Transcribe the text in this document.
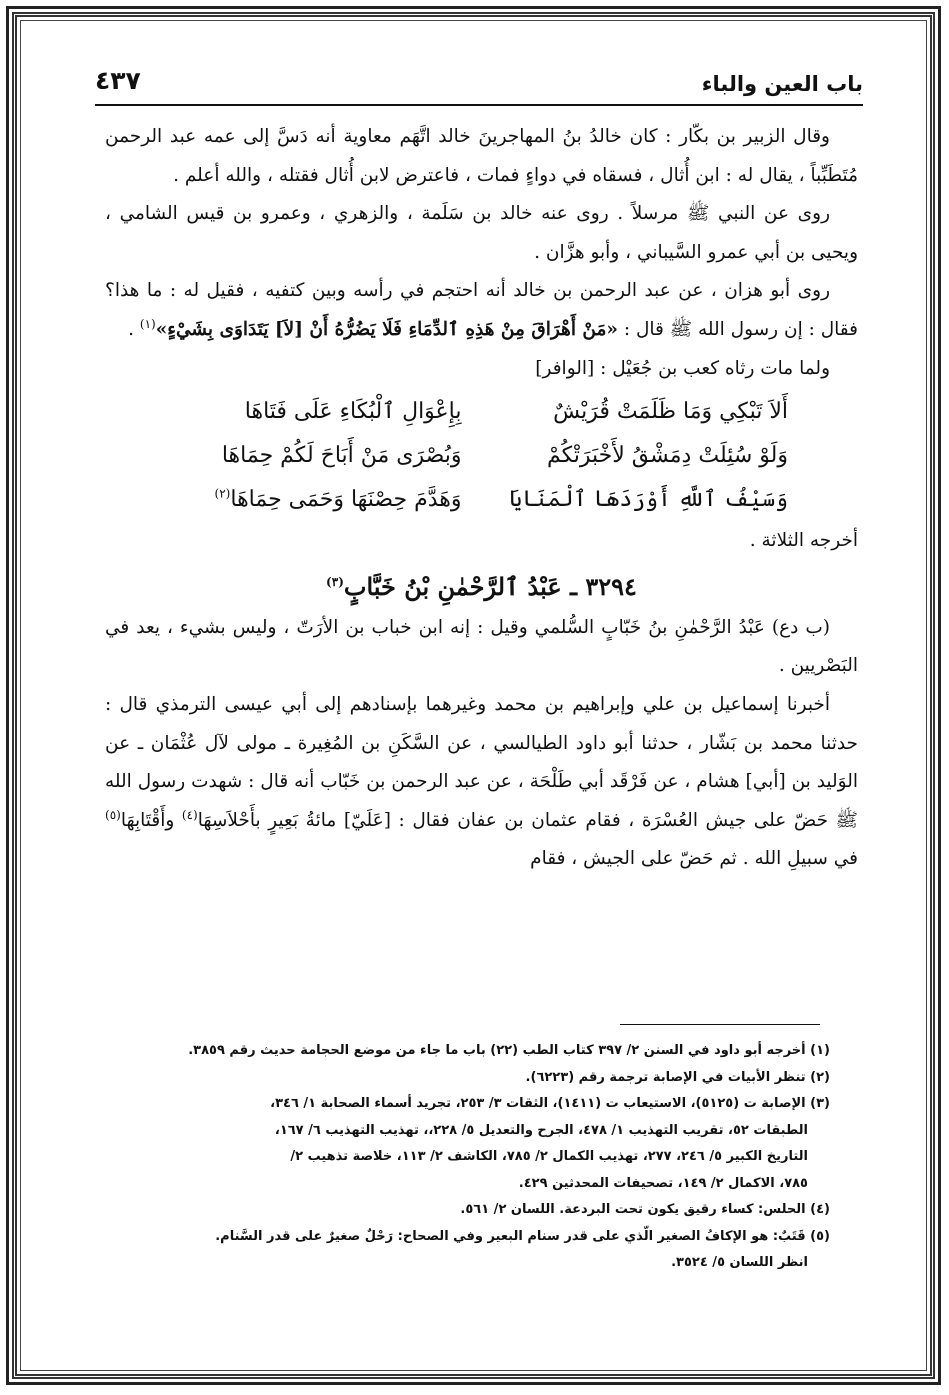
باب العين والباء
٤٣٧

وقال الزبير بن بكّار : كان خالدُ بنُ المهاجرينَ خالد اتَّهَم معاوية أنه دَسَّ إلى عمه عبد الرحمن مُتَطَبِّباً ، يقال له : ابن أُثال ، فسقاه في دواءٍ فمات ، فاعترض لابن أُثال فقتله ، والله أعلم .

روى عن النبي ﷺ مرسلاً . روى عنه خالد بن سَلَمة ، والزهري ، وعمرو بن قيس الشامي ، ويحيى بن أبي عمرو السَّيباني ، وأبو هزَّان .

روى أبو هزان ، عن عبد الرحمن بن خالد أنه احتجم في رأسه وبين كتفيه ، فقيل له : ما هذا؟ فقال : إن رسول الله ﷺ قال : «مَنْ أَهْرَاقَ مِنْ هَذِهِ ٱلدِّمَاءِ فَلَا يَضُرُّهُ أَنْ [لاَ] يَتَدَاوَى بِشَيْءٍ»$^{(١)}$ .

ولما مات رثاه كعب بن جُعَيْل : [الوافر]

أَلاَ تَبْكِي وَمَا ظَلَمَتْ قُرَيْشٌ	بِإِعْوَالِ ٱلْبُكَاءِ عَلَى فَتَاهَا
وَلَوْ سُئِلَتْ دِمَشْقُ لأَخْبَرَتْكُمْ	وَبُصْرَى مَنْ أَبَاحَ لَكُمْ حِمَاهَا
وَسَيْفُ ٱللَّهِ أَوْرَدَهَا ٱلْمَنَايَا	وَهَدَّمَ حِصْنَهَا وَحَمَى حِمَاهَا$^{(٢)}$

أخرجه الثلاثة .

٣٢٩٤ ـ عَبْدُ ٱلرَّحْمٰنِ بْنُ خَبَّابٍ$^{(٣)}$

(ب دع) عَبْدُ الرَّحْمٰنِ بنُ خَبّابٍ السُّلمي وقيل : إنه ابن خباب بن الأرَتّ ، وليس بشيء ، يعد في البَصْريين .

أخبرنا إسماعيل بن علي وإبراهيم بن محمد وغيرهما بإسنادهم إلى أبي عيسى الترمذي قال : حدثنا محمد بن بَشّار ، حدثنا أبو داود الطيالسي ، عن السَّكَنِ بن المُغِيرة ـ مولى لآل عُثْمَان ـ عن الوَليد بن [أبي] هشام ، عن فَرْقَد أبي طَلْحَة ، عن عبد الرحمن بن خَبّاب أنه قال : شهدت رسول الله ﷺ حَضّ على جيش العُسْرَة ، فقام عثمان بن عفان فقال : [عَلَيّ] مائةُ بَعِيرٍ بأَحْلاَسِهَا$^{(٤)}$ وأَقْتَابِهَا$^{(٥)}$ في سبيلِ الله . ثم حَضّ على الجيش ، فقام

(١) أخرجه أبو داود في السنن ٢/ ٣٩٧ كتاب الطب (٢٢) باب ما جاء من موضع الحجامة حديث رقم ٣٨٥٩.

(٢) تنظر الأبيات في الإصابة ترجمة رقم (٦٢٢٣).

(٣) الإصابة ت (٥١٢٥)، الاستيعاب ت (١٤١١)، الثقات ٣/ ٢٥٣، تجريد أسماء الصحابة ١/ ٣٤٦،

الطبقات ٥٢، تقريب التهذيب ١/ ٤٧٨، الجرح والتعديل ٥/ ٢٢٨،، تهذيب التهذيب ٦/ ١٦٧،

التاريخ الكبير ٥/ ٢٤٦، ٢٧٧، تهذيب الكمال ٢/ ٧٨٥، الكاشف ٢/ ١١٣، خلاصة تذهيب ٢/

٧٨٥، الاكمال ٢/ ١٤٩، تصحيفات المحدثين ٤٢٩.

(٤) الحلس: كساء رقيق يكون تحت البردعة. اللسان ٢/ ٥٦١.

(٥) قَتَبٌ: هو الإكافُ الصغير الّذي على قدر سنام البعير وفي الصحاح: رَحْلٌ صغيرٌ على قدر السَّنام.

انظر اللسان ٥/ ٣٥٢٤.
